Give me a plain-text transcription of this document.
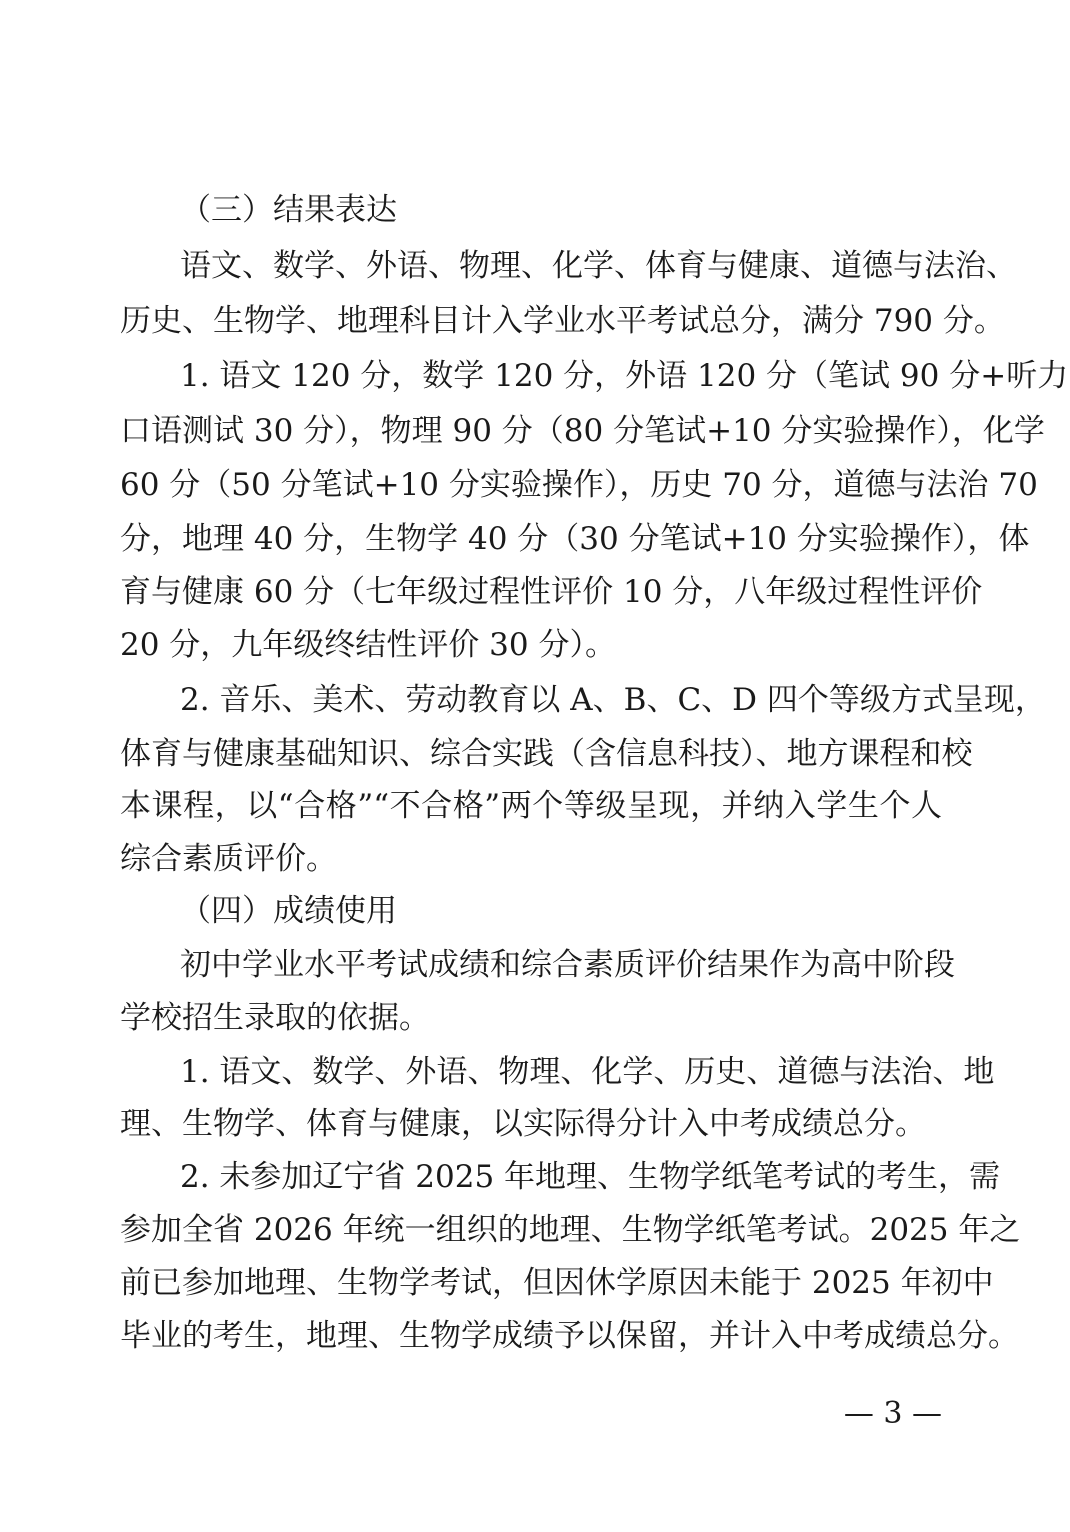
（三）结果表达
语文、数学、外语、物理、化学、体育与健康、道德与法治、
历史、生物学、地理科目计入学业水平考试总分，满分 790 分。
1. 语文 120 分，数学 120 分，外语 120 分（笔试 90 分+听力
口语测试 30 分），物理 90 分（80 分笔试+10 分实验操作），化学
60 分（50 分笔试+10 分实验操作），历史 70 分，道德与法治 70
分，地理 40 分，生物学 40 分（30 分笔试+10 分实验操作），体
育与健康 60 分（七年级过程性评价 10 分，八年级过程性评价
20 分，九年级终结性评价 30 分）。
2. 音乐、美术、劳动教育以 A、B、C、D 四个等级方式呈现，
体育与健康基础知识、综合实践（含信息科技）、地方课程和校
本课程，以“合格”“不合格”两个等级呈现，并纳入学生个人
综合素质评价。
（四）成绩使用
初中学业水平考试成绩和综合素质评价结果作为高中阶段
学校招生录取的依据。
1. 语文、数学、外语、物理、化学、历史、道德与法治、地
理、生物学、体育与健康，以实际得分计入中考成绩总分。
2. 未参加辽宁省 2025 年地理、生物学纸笔考试的考生，需
参加全省 2026 年统一组织的地理、生物学纸笔考试。2025 年之
前已参加地理、生物学考试，但因休学原因未能于 2025 年初中
毕业的考生，地理、生物学成绩予以保留，并计入中考成绩总分。
— 3 —
